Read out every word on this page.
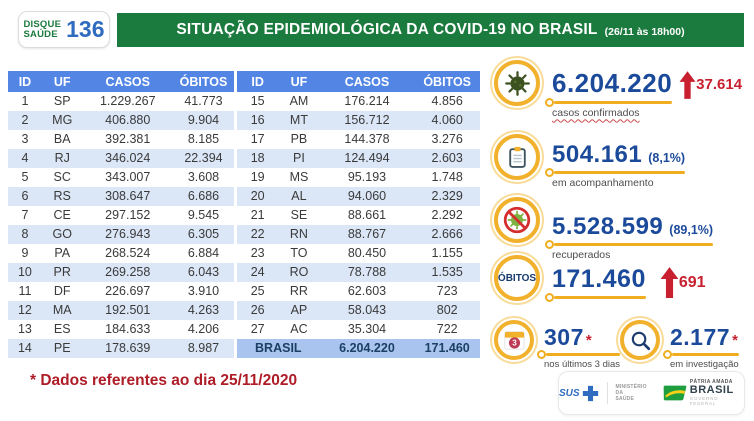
DISQUE
SAÚDE 136	SITUAÇÃO EPIDEMIOLÓGICA DA COVID-19 NO BRASIL (26/11 às 18h00)
ID	UF	CASOS	ÓBITOS
1	SP	1.229.267	41.773
2	MG	406.880	9.904
3	BA	392.381	8.185
4	RJ	346.024	22.394
5	SC	343.007	3.608
6	RS	308.647	6.686
7	CE	297.152	9.545
8	GO	276.943	6.305
9	PA	268.524	6.884
10	PR	269.258	6.043
11	DF	226.697	3.910
12	MA	192.501	4.263
13	ES	184.633	4.206
14	PE	178.639	8.987
ID	UF	CASOS	ÓBITOS
15	AM	176.214	4.856
16	MT	156.712	4.060
17	PB	144.378	3.276
18	PI	124.494	2.603
19	MS	95.193	1.748
20	AL	94.060	2.329
21	SE	88.661	2.292
22	RN	88.767	2.666
23	TO	80.450	1.155
24	RO	78.788	1.535
25	RR	62.603	723
26	AP	58.043	802
27	AC	35.304	722
BRASIL		6.204.220	171.460
* Dados referentes ao dia 25/11/2020
6.204.220
casos confirmados
37.614
504.161 (8,1%)
em acompanhamento
5.528.599 (89,1%)
recuperados
ÓBITOS 171.460 691
3 307 *
nos últimos 3 dias
2.177 *
em investigação
SUS
MINISTÉRIO DA
SAÚDE
PÁTRIA AMADA
BRASIL
GOVERNO FEDERAL
